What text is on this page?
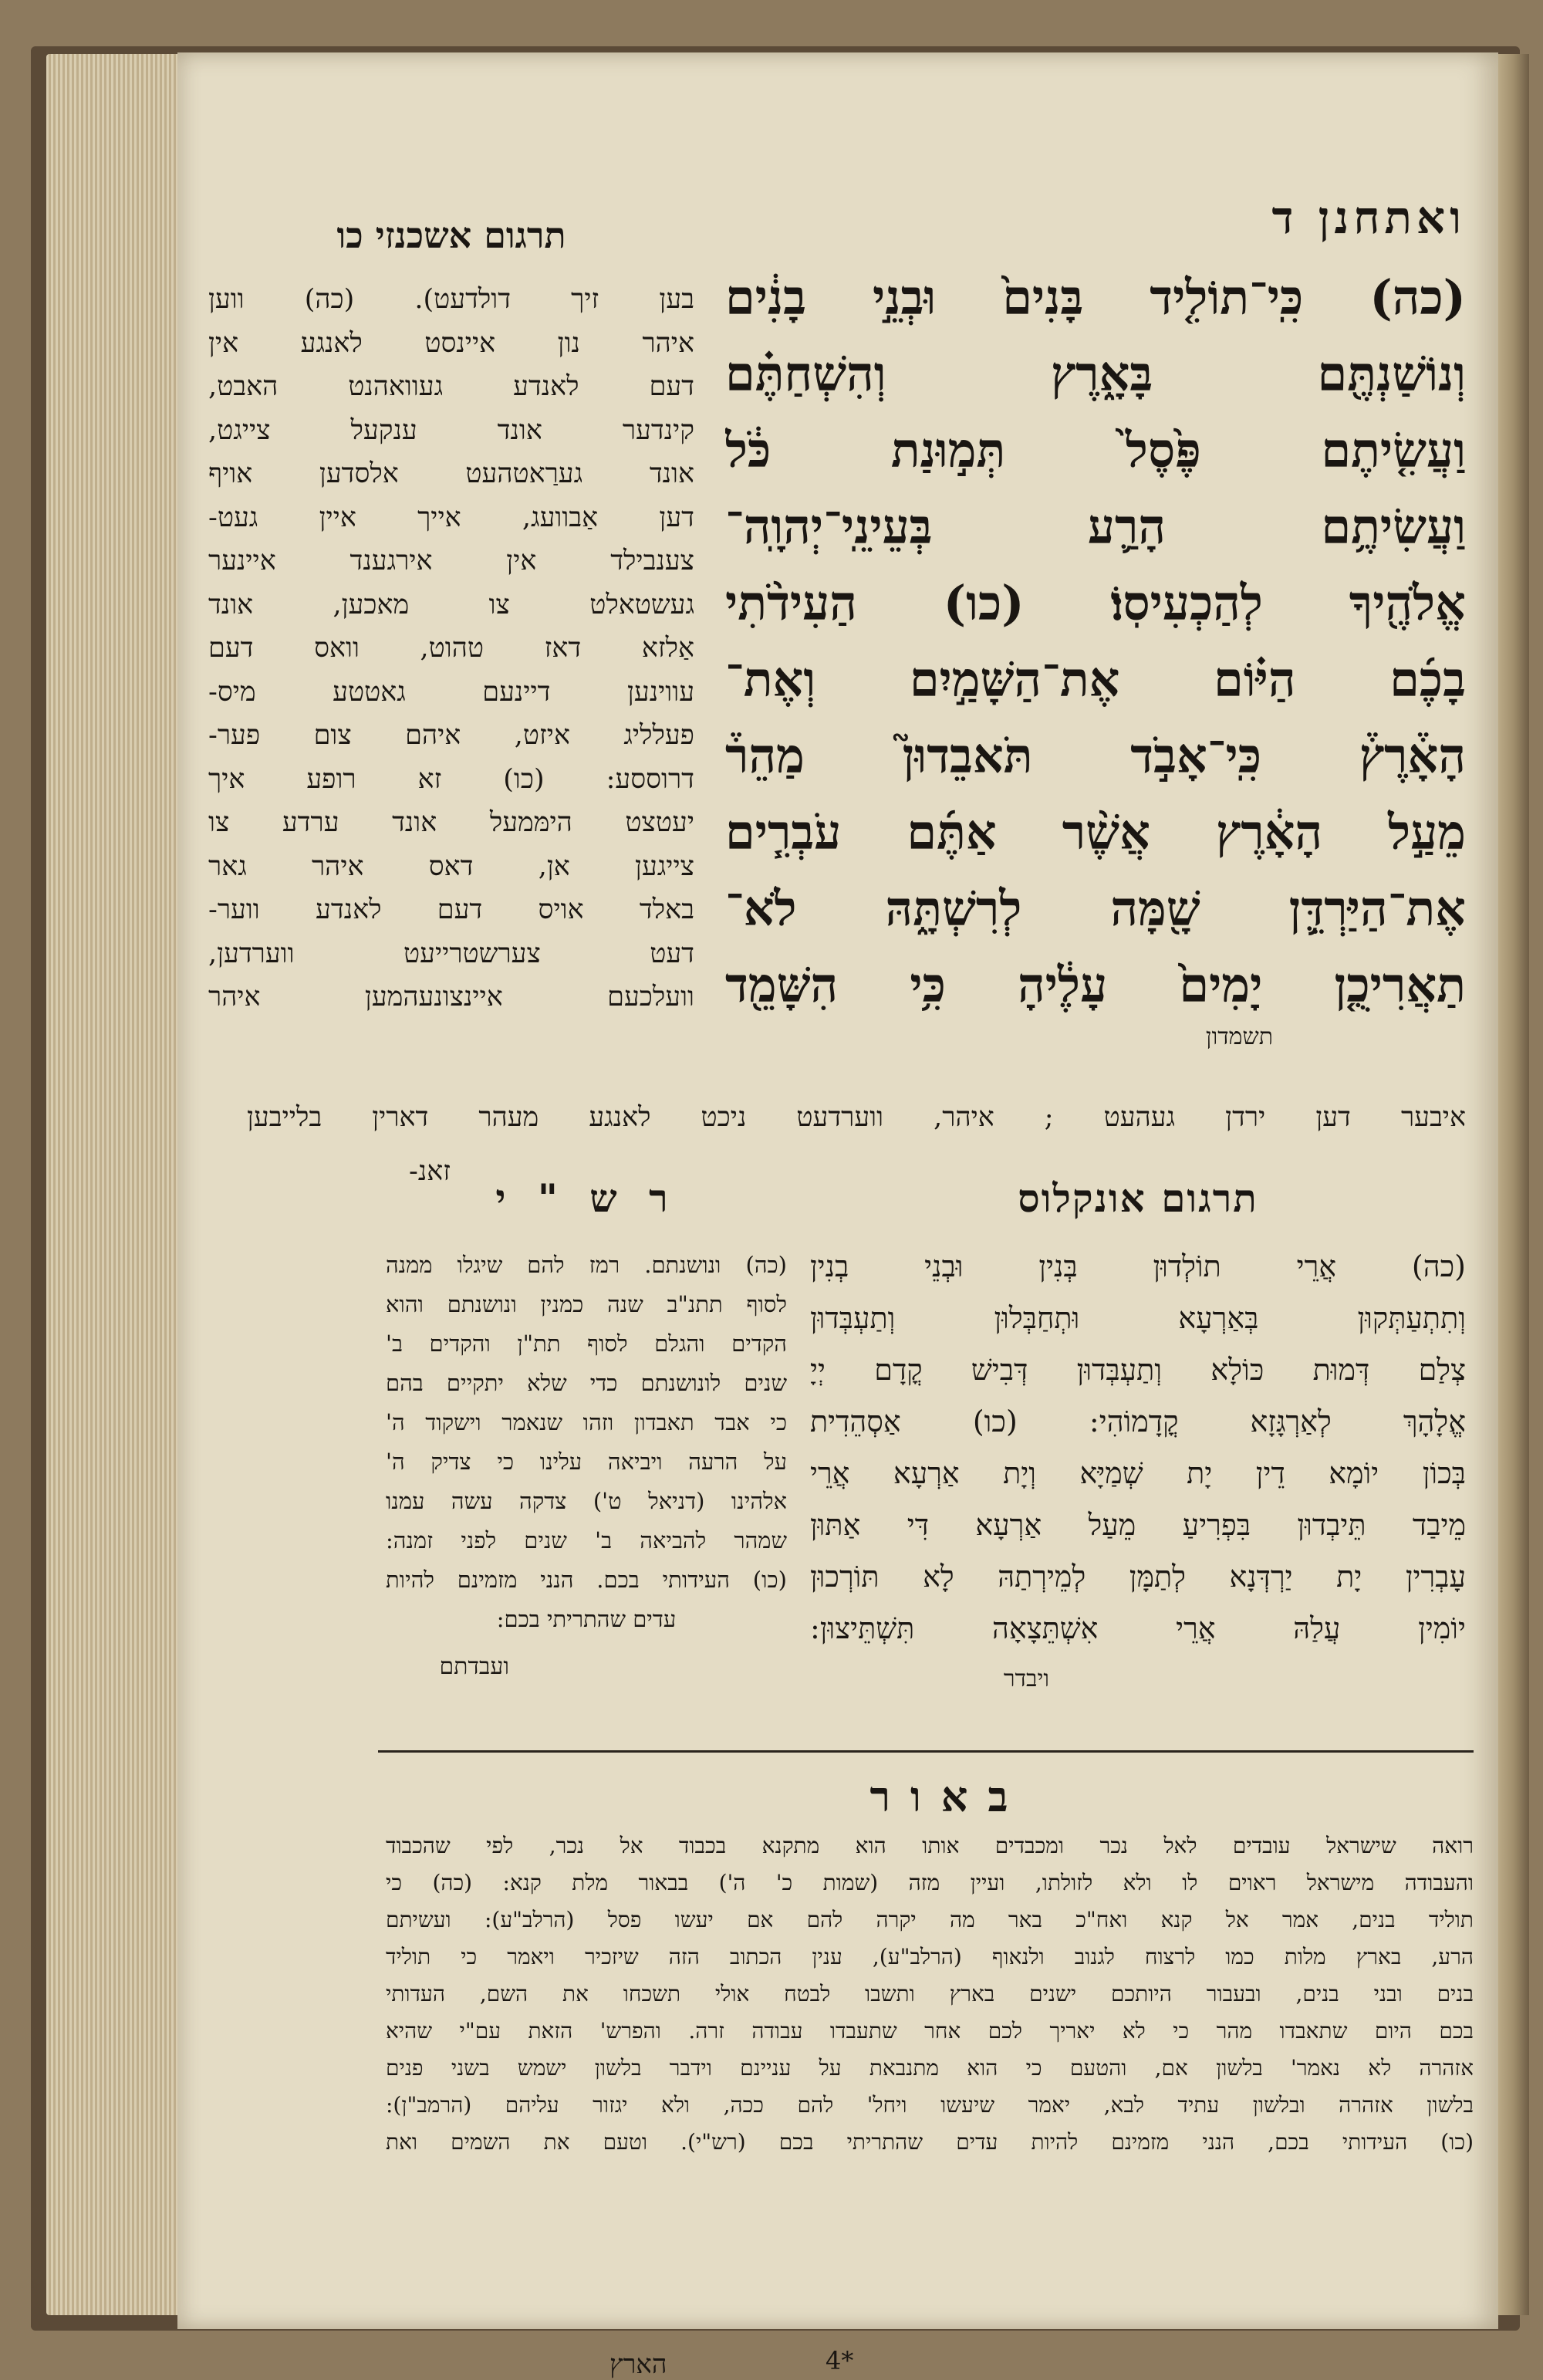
ואתחנן ד
(כה) כִּֽי־תוֹלִ֤יד בָּנִים֙ וּבְנֵ֣י בָנִ֔ים
וְנוֹשַׁנְתֶּ֖ם בָּאָ֑רֶץ וְהִשְׁחַתֶּ֗ם
וַעֲשִׂ֤יתֶם פֶּ֙סֶל֙ תְּמ֣וּנַת כֹּ֔ל
וַעֲשִׂיתֶ֥ם הָרַ֛ע בְּעֵינֵֽי־יְהוָֽה־
אֱלֹהֶ֖יךָ לְהַכְעִיסֽוֹ׃ (כו) הַעִידֹ֨תִי
בָכֶ֜ם הַיּ֗וֹם אֶת־הַשָּׁמַ֣יִם וְאֶת־
הָאָ֒רֶץ֒ כִּֽי־אָבֹ֣ד תֹּאבֵדוּן֮ מַהֵר֒
מֵעַ֣ל הָאָ֔רֶץ אֲשֶׁ֨ר אַתֶּ֜ם עֹבְרִ֧ים
אֶת־הַיַּרְדֵּ֛ן שָׁ֖מָּה לְרִשְׁתָּ֑הּ לֹא־
תַאֲרִיכֻ֤ן יָמִים֙ עָלֶ֔יהָ כִּ֥י הִשָּׁמֵ֖ד
תשמדון
תרגום אשכנזי כו
בען זיך דולדעט). (כה) ווען
איהר נון איינסט לאנגע אין
דעם לאנדע געוואהנט האבט,
קינדער אונד ענקעל צייגט,
אונד גערַאטהעט אלסדען אויף
דען אַבוועג, אייך איין געט-
צענבילד אין אירגענד איינער
געשטאלט צו מאכען, אונד
אַלזא דאז טהוט, וואס דעם
עווינען דיינעם גאטטע מיס-
פעלליג איזט, איהם צום פער-
דרוססע: (כו) זא רופע איך
יעטצט הימּמעל אונד ערדע צו
צייגען אן, דאס איהר גאר
באלד אויס דעם לאנדע ווער-
דעט צערשטרייעט ווערדען,
וועלכעם איינצונעהמען איהר
איבער דען ירדן געהעט ; איהר, ווערדעט ניכט לאנגע מעהר דארין בלייבען
זאנ-
תרגום אונקלוס
(כה) אֲרֵי תוֹלְדוּן בְּנִין וּבְנֵי בְנִין
וְתִתְעַתְּקוּן בְּאַרְעָא וּתְחַבְּלוּן וְתַעְבְּדוּן
צְלַם דְּמוּת כּוֹלָא וְתַעְבְּדוּן דְּבִישׁ קֳדָם יְיָ
אֱלָהָךְ לְאַרְגָּזָא קֳדָמוֹהִי: (כו) אַסְהֵדִית
בְּכוֹן יוֹמָא דֵין יָת שְׁמַיָּא וְיָת אַרְעָא אֲרֵי
מֵיבַד תֵּיבְדוּן בִּפְרִיעַ מֵעַל אַרְעָא דִּי אַתּוּן
עָבְרִין יָת יַרְדְּנָא לְתַמָּן לְמֵירְתַהּ לָא תּוֹרְכוּן
יוֹמִין עֲלַהּ אֲרֵי אִשְׁתֵּצָאָה תִּשְׁתֵּיצוּן:
ויבדר
ר ש " י
(כה) ונושנתם. רמז להם שיגלו ממנה
לסוף תתנ"ב שנה כמנין ונושנתם והוא
הקדים והגלם לסוף תת"ן והקדים ב'
שנים לונושנתם כדי שלא יתקיים בהם
כי אבד תאבדון וזהו שנאמר וישקוד ה'
על הרעה ויביאה עלינו כי צדיק ה'
אלהינו (דניאל ט') צדקה עשה עמנו
שמהר להביאה ב' שנים לפני זמנה:
(כו) העידותי בכם. הנני מזמינם להיות
עדים שהתריתי בכם:
ועבדתם
באור
רואה שישראל עובדים לאל נכר ומכבדים אותו הוא מתקנא בכבוד אל נכר, לפי שהכבוד
והעבודה מישראל ראוים לו ולא לזולתו, ועיין מזה (שמות כ' ה') בבאור מלת קנא: (כה) כי
תוליד בנים, אמר אל קנא ואח"כ באר מה יקרה להם אם יעשו פסל (הרלב"ע): ועשיתם
הרע, בארץ מלות כמו לרצוח לגנוב ולנאוף (הרלב"ע), ענין הכתוב הזה שיזכיר ויאמר כי תוליד
בנים ובני בנים, ובעבור היותכם ישנים בארץ ותשבו לבטח אולי תשכחו את השם, העדותי
בכם היום שתאבדו מהר כי לא יאריך לכם אחר שתעבדו עבודה זרה. והפרש' הזאת עם"י שהיא
אזהרה לא נאמר' בלשון אם, והטעם כי הוא מתנבאת על עניינם וידבר בלשון ישמש בשני פנים
בלשון אזהרה ובלשון עתיד לבא, יאמר שיעשו ויחל' להם ככה, ולא יגזור עליהם (הרמב"ן):
(כו) העידותי בכם, הנני מזמינם להיות עדים שהתריתי בכם (רש"י). וטעם את השמים ואת
הארץ	4*
